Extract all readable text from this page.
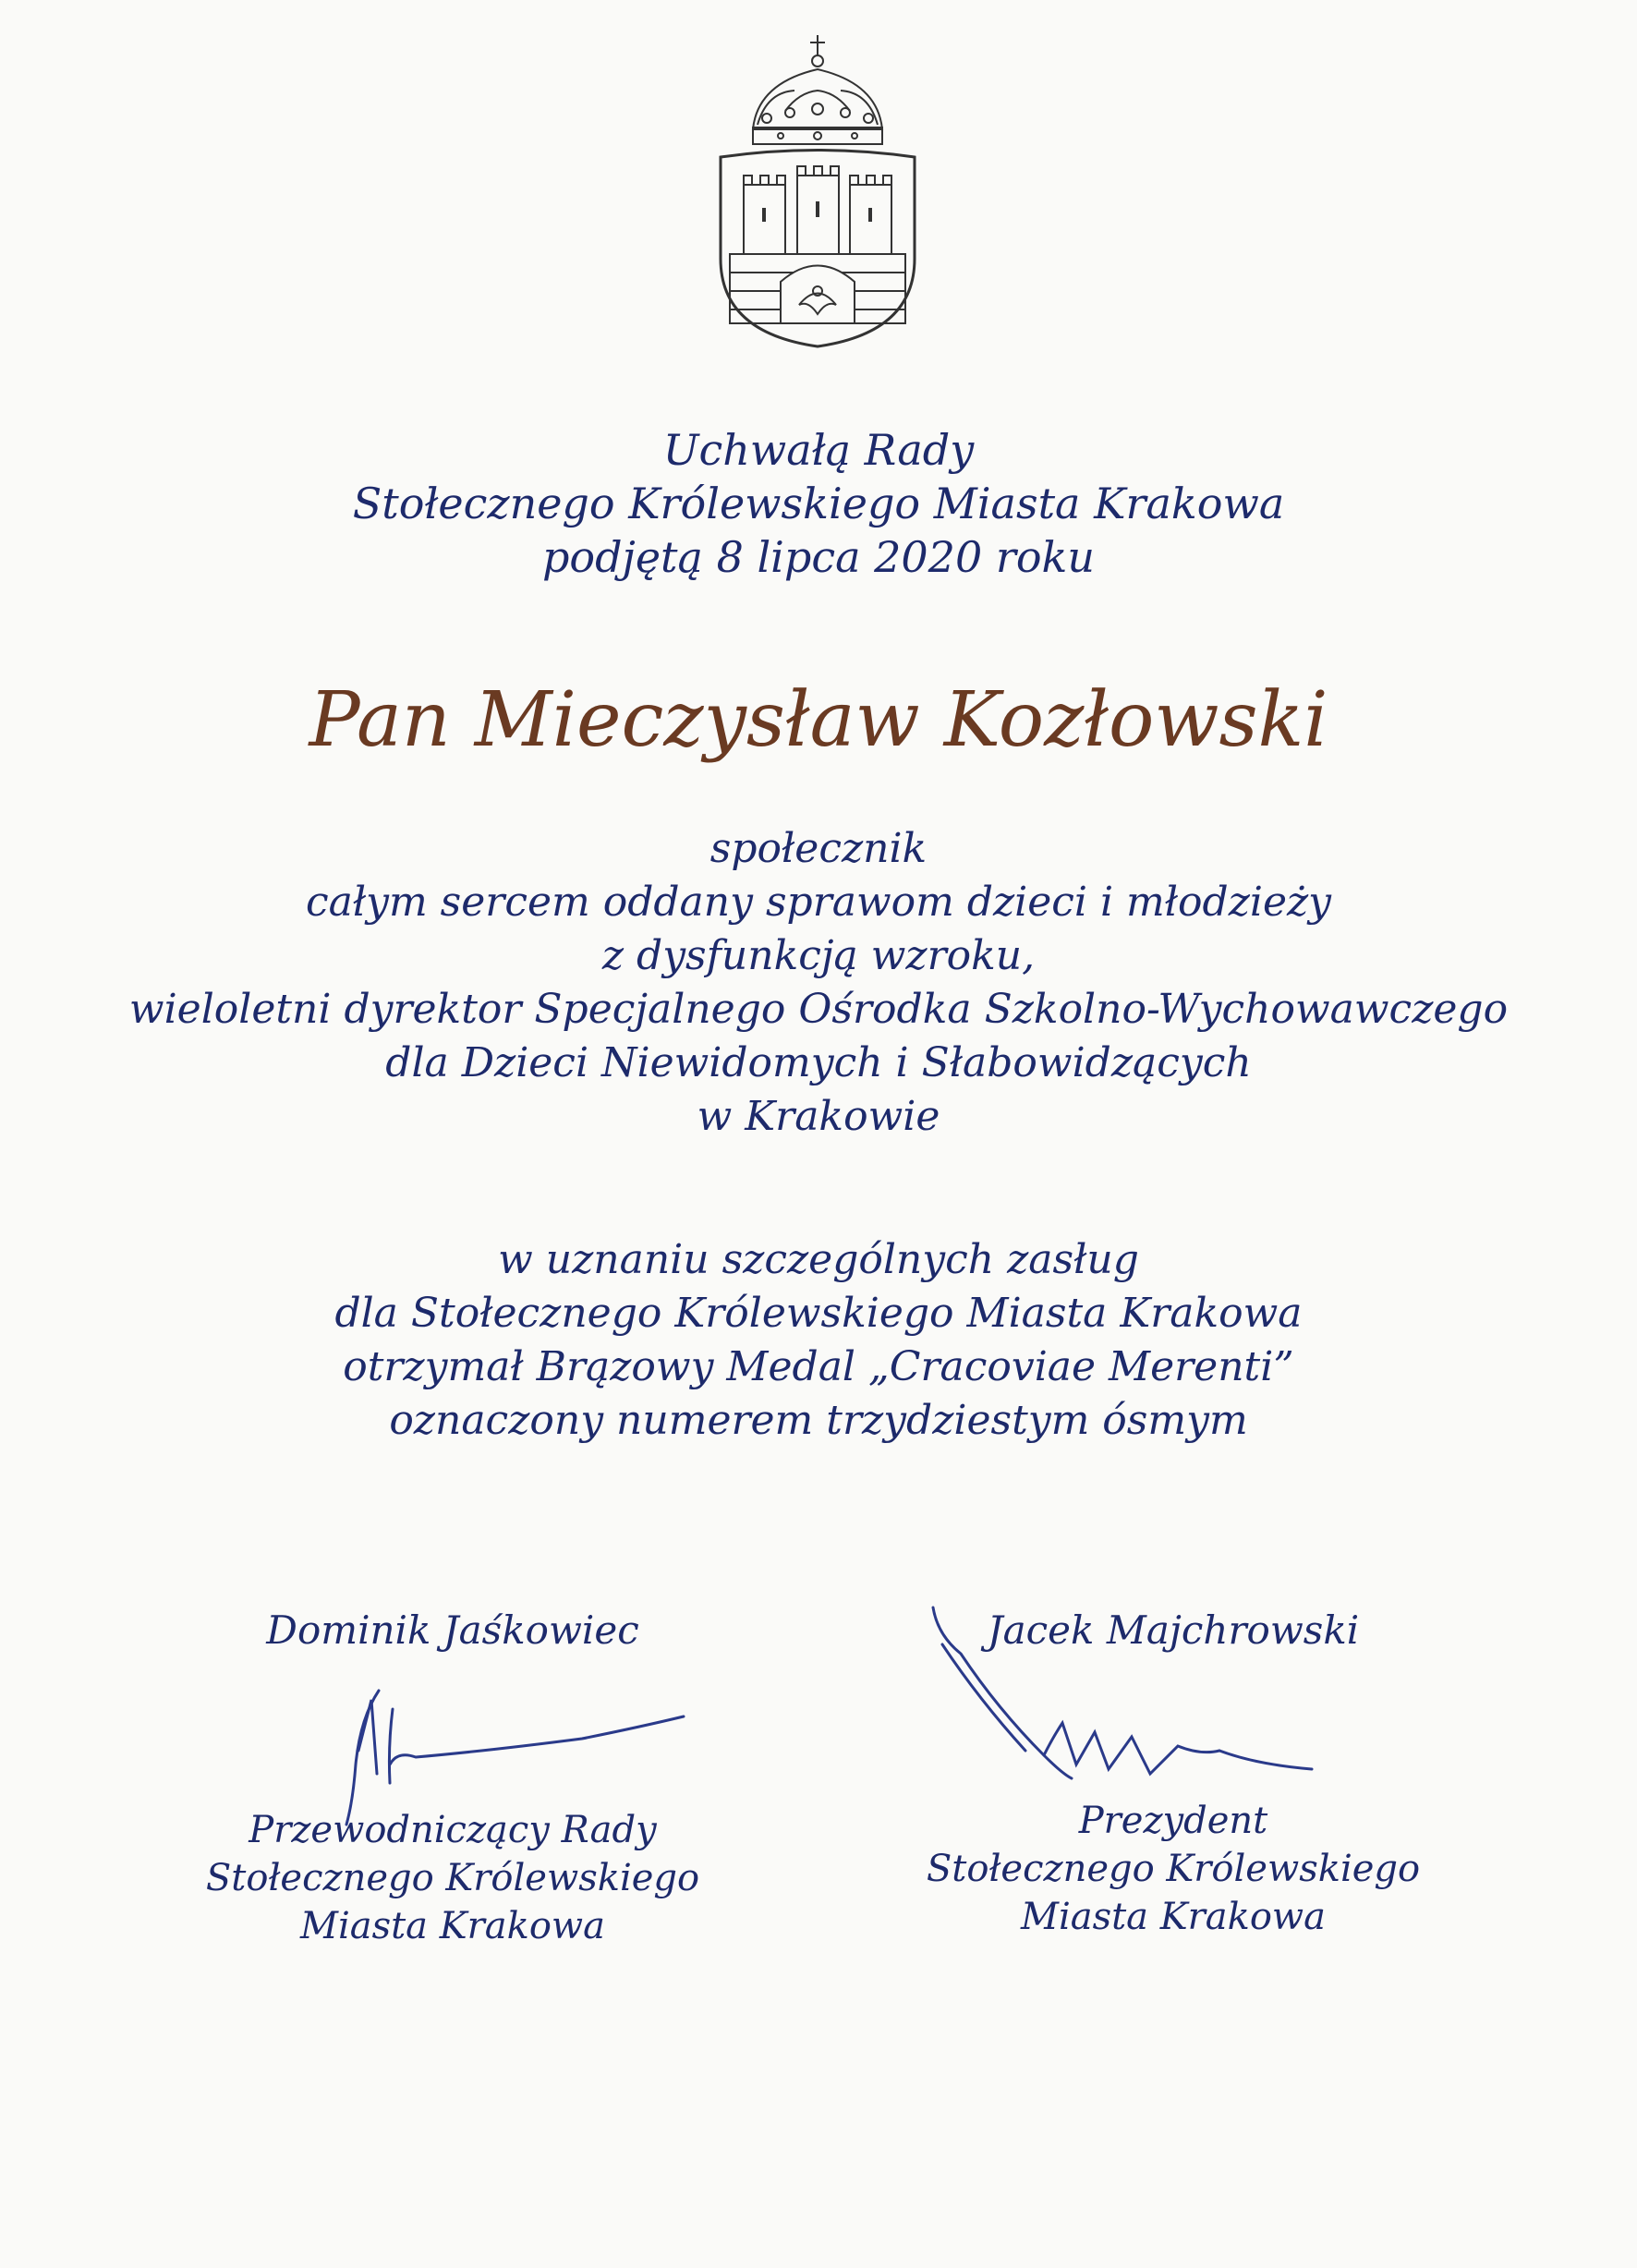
Uchwałą Rady
Stołecznego Królewskiego Miasta Krakowa
podjętą 8 lipca 2020 roku
Pan Mieczysław Kozłowski
społecznik
całym sercem oddany sprawom dzieci i młodzieży
z dysfunkcją wzroku,
wieloletni dyrektor Specjalnego Ośrodka Szkolno-Wychowawczego
dla Dzieci Niewidomych i Słabowidzących
w Krakowie
w uznaniu szczególnych zasług
dla Stołecznego Królewskiego Miasta Krakowa
otrzymał Brązowy Medal „Cracoviae Merenti”
oznaczony numerem trzydziestym ósmym
Dominik Jaśkowiec
Przewodniczący Rady
Stołecznego Królewskiego
Miasta Krakowa
Jacek Majchrowski
Prezydent
Stołecznego Królewskiego
Miasta Krakowa
